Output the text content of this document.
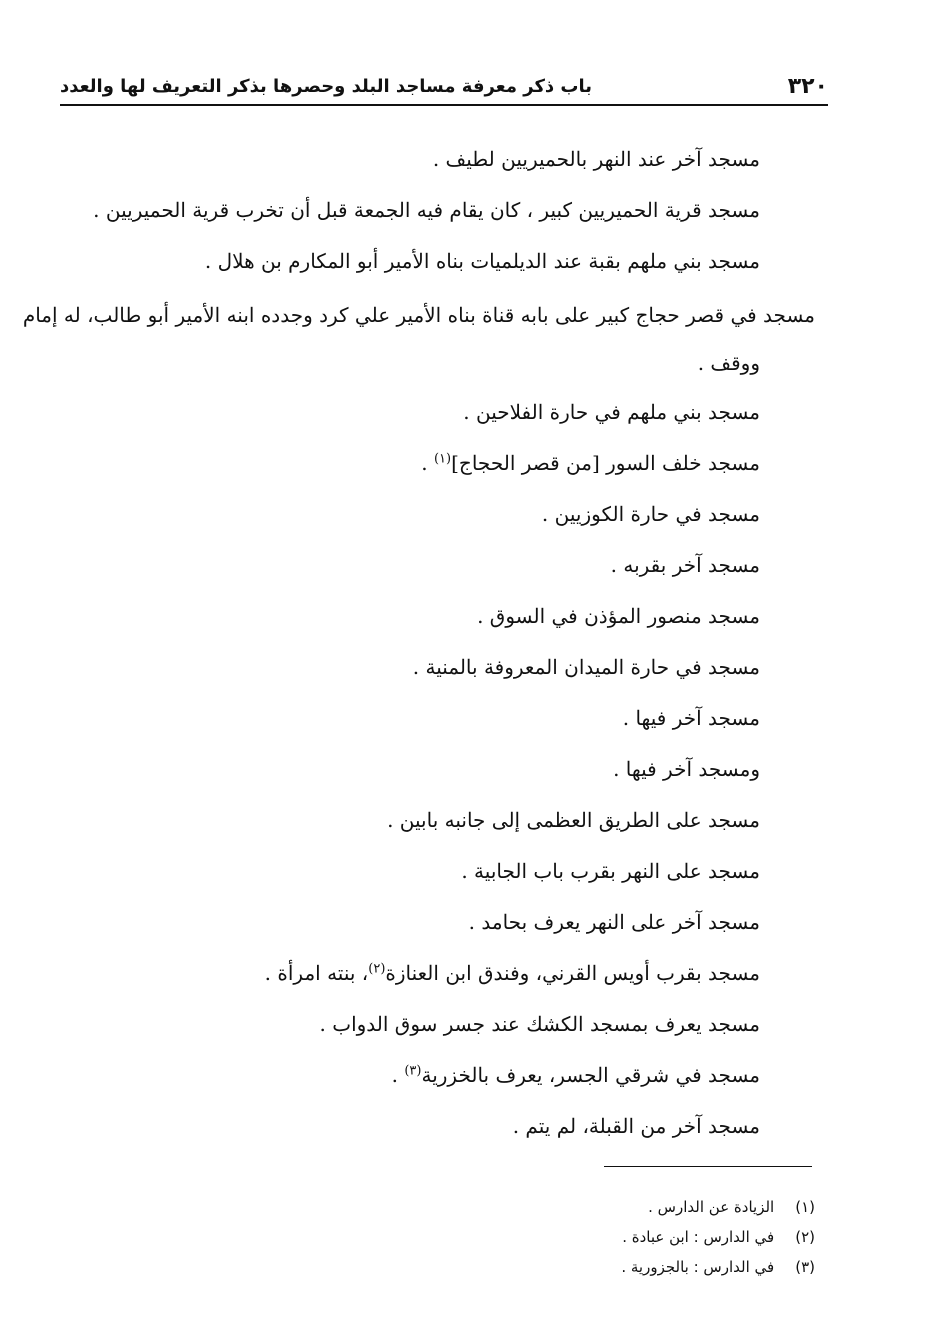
٣٢٠
باب ذكر معرفة مساجد البلد وحصرها بذكر التعريف لها والعدد
مسجد آخر عند النهر بالحميريين لطيف .
مسجد قرية الحميريين كبير ، كان يقام فيه الجمعة قبل أن تخرب قرية الحميريين .
مسجد بني ملهم بقبة عند الديلميات بناه الأمير أبو المكارم بن هلال .
مسجد في قصر حجاج كبير على بابه قناة بناه الأمير علي كرد وجدده ابنه الأمير أبو طالب، له إمام ووقف .
مسجد بني ملهم في حارة الفلاحين .
مسجد خلف السور [من قصر الحجاج]$^{(١)}$ .
مسجد في حارة الكوزيين .
مسجد آخر بقربه .
مسجد منصور المؤذن في السوق .
مسجد في حارة الميدان المعروفة بالمنية .
مسجد آخر فيها .
ومسجد آخر فيها .
مسجد على الطريق العظمى إلى جانبه بابين .
مسجد على النهر بقرب باب الجابية .
مسجد آخر على النهر يعرف بحامد .
مسجد بقرب أويس القرني، وفندق ابن العنازة$^{(٢)}$، بنته امرأة .
مسجد يعرف بمسجد الكشك عند جسر سوق الدواب .
مسجد في شرقي الجسر، يعرف بالخزرية$^{(٣)}$ .
مسجد آخر من القبلة، لم يتم .
(١) الزيادة عن الدارس .
(٢) في الدارس : ابن عبادة .
(٣) في الدارس : بالجزورية .
